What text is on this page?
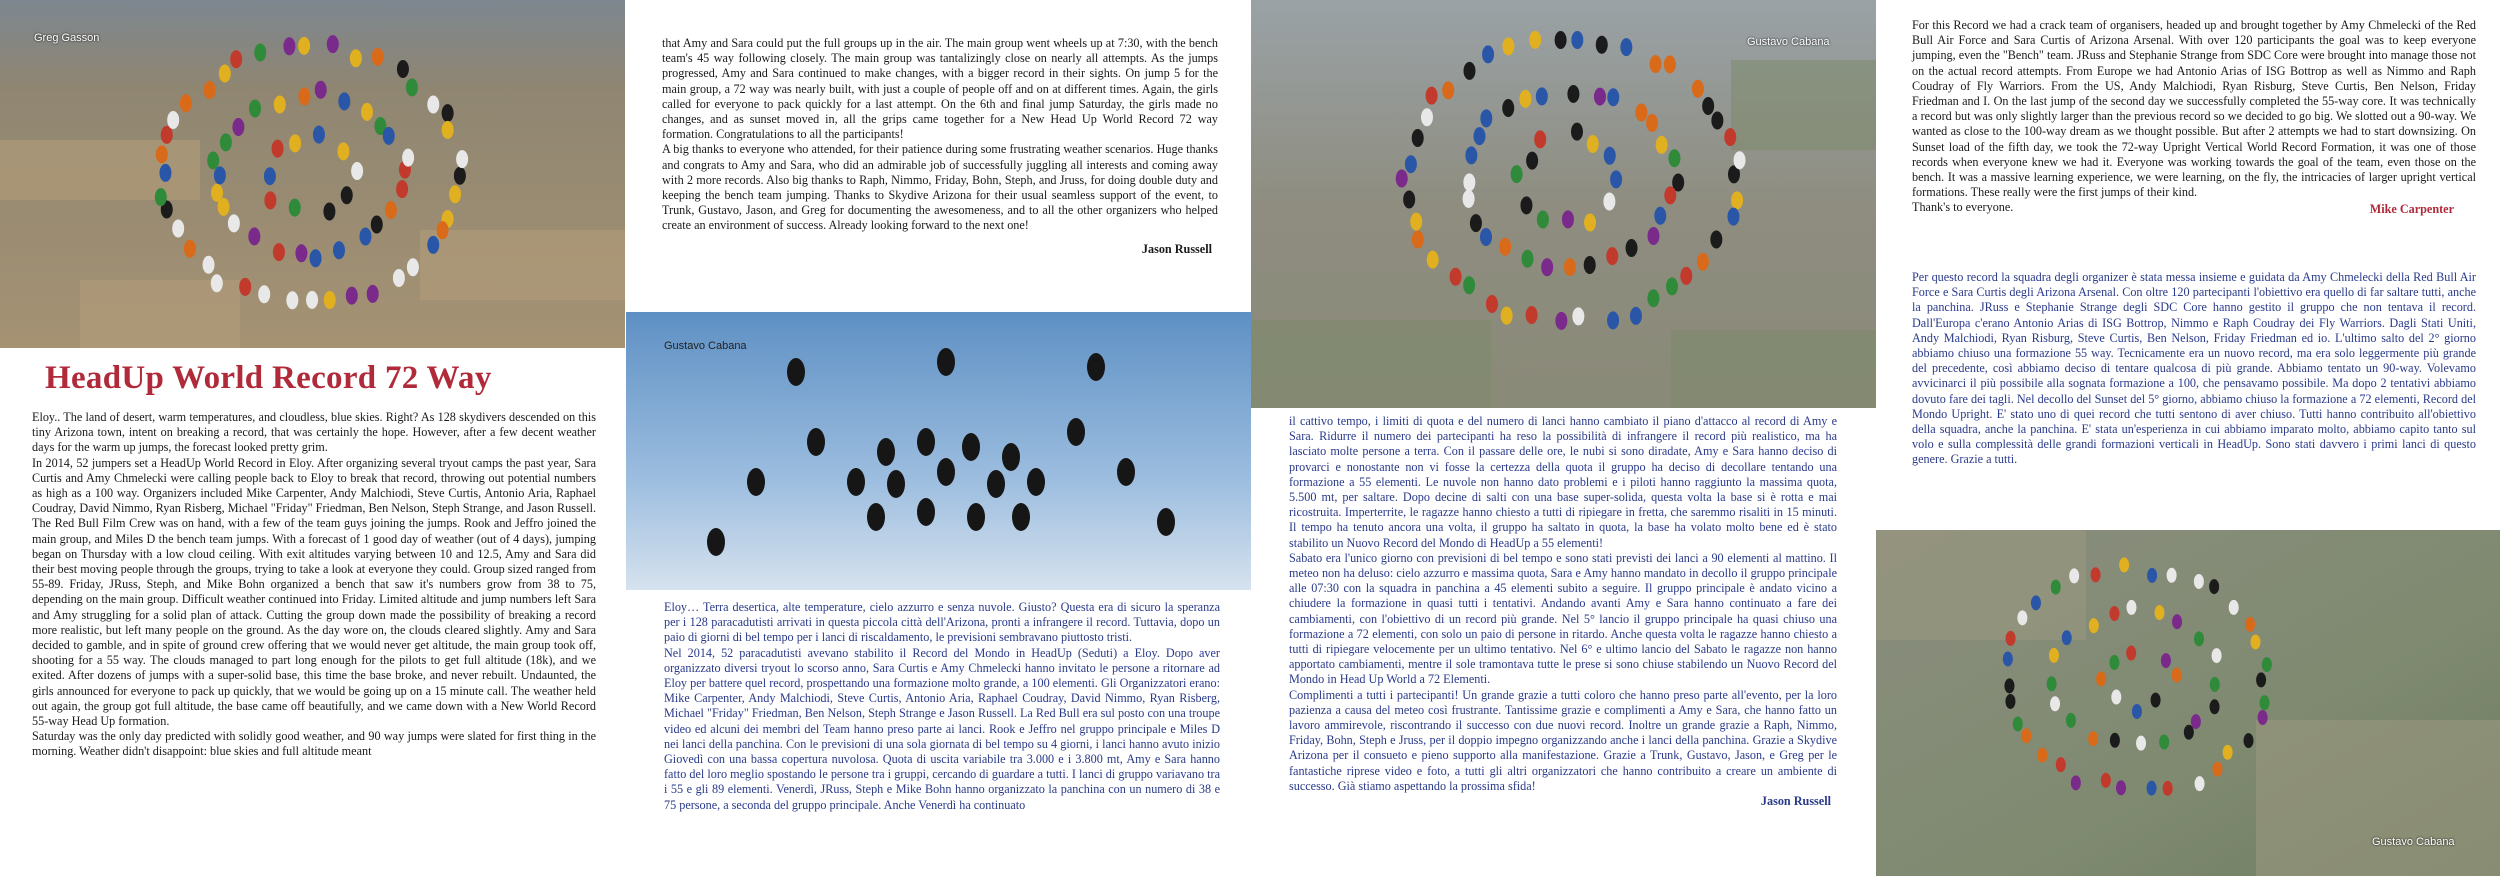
Greg Gasson
HeadUp World Record 72 Way

Eloy.. The land of desert, warm temperatures, and cloudless, blue skies. Right? As 128 skydivers descended on this tiny Arizona town, intent on breaking a record, that was certainly the hope. However, after a few decent weather days for the warm up jumps, the forecast looked pretty grim.

In 2014, 52 jumpers set a HeadUp World Record in Eloy. After organizing several tryout camps the past year, Sara Curtis and Amy Chmelecki were calling people back to Eloy to break that record, throwing out potential numbers as high as a 100 way. Organizers included Mike Carpenter, Andy Malchiodi, Steve Curtis, Antonio Aria, Raphael Coudray, David Nimmo, Ryan Risberg, Michael "Friday" Friedman, Ben Nelson, Steph Strange, and Jason Russell. The Red Bull Film Crew was on hand, with a few of the team guys joining the jumps. Rook and Jeffro joined the main group, and Miles D the bench team jumps. With a forecast of 1 good day of weather (out of 4 days), jumping began on Thursday with a low cloud ceiling. With exit altitudes varying between 10 and 12.5, Amy and Sara did their best moving people through the groups, trying to take a look at everyone they could. Group sized ranged from 55-89. Friday, JRuss, Steph, and Mike Bohn organized a bench that saw it's numbers grow from 38 to 75, depending on the main group. Difficult weather continued into Friday. Limited altitude and jump numbers left Sara and Amy struggling for a solid plan of attack. Cutting the group down made the possibility of breaking a record more realistic, but left many people on the ground. As the day wore on, the clouds cleared slightly. Amy and Sara decided to gamble, and in spite of ground crew offering that we would never get altitude, the main group took off, shooting for a 55 way. The clouds managed to part long enough for the pilots to get full altitude (18k), and we exited. After dozens of jumps with a super-solid base, this time the base broke, and never rebuilt. Undaunted, the girls announced for everyone to pack up quickly, that we would be going up on a 15 minute call. The weather held out again, the group got full altitude, the base came off beautifully, and we came down with a New World Record 55-way Head Up formation.

Saturday was the only day predicted with solidly good weather, and 90 way jumps were slated for first thing in the morning. Weather didn't disappoint: blue skies and full altitude meant

that Amy and Sara could put the full groups up in the air. The main group went wheels up at 7:30, with the bench team's 45 way following closely. The main group was tantalizingly close on nearly all attempts. As the jumps progressed, Amy and Sara continued to make changes, with a bigger record in their sights. On jump 5 for the main group, a 72 way was nearly built, with just a couple of people off and on at different times. Again, the girls called for everyone to pack quickly for a last attempt. On the 6th and final jump Saturday, the girls made no changes, and as sunset moved in, all the grips came together for a New Head Up World Record 72 way formation. Congratulations to all the participants!

A big thanks to everyone who attended, for their patience during some frustrating weather scenarios. Huge thanks and congrats to Amy and Sara, who did an admirable job of successfully juggling all interests and coming away with 2 more records. Also big thanks to Raph, Nimmo, Friday, Bohn, Steph, and Jruss, for doing double duty and keeping the bench team jumping. Thanks to Skydive Arizona for their usual seamless support of the event, to Trunk, Gustavo, Jason, and Greg for documenting the awesomeness, and to all the other organizers who helped create an environment of success. Already looking forward to the next one!

Jason Russell
Gustavo Cabana

Eloy… Terra desertica, alte temperature, cielo azzurro e senza nuvole. Giusto? Questa era di sicuro la speranza per i 128 paracadutisti arrivati in questa piccola città dell'Arizona, pronti a infrangere il record. Tuttavia, dopo un paio di giorni di bel tempo per i lanci di riscaldamento, le previsioni sembravano piuttosto tristi.

Nel 2014, 52 paracadutisti avevano stabilito il Record del Mondo in HeadUp (Seduti) a Eloy. Dopo aver organizzato diversi tryout lo scorso anno, Sara Curtis e Amy Chmelecki hanno invitato le persone a ritornare ad Eloy per battere quel record, prospettando una formazione molto grande, a 100 elementi. Gli Organizzatori erano: Mike Carpenter, Andy Malchiodi, Steve Curtis, Antonio Aria, Raphael Coudray, David Nimmo, Ryan Risberg, Michael "Friday" Friedman, Ben Nelson, Steph Strange e Jason Russell. La Red Bull era sul posto con una troupe video ed alcuni dei membri del Team hanno preso parte ai lanci. Rook e Jeffro nel gruppo principale e Miles D nei lanci della panchina. Con le previsioni di una sola giornata di bel tempo su 4 giorni, i lanci hanno avuto inizio Giovedì con una bassa copertura nuvolosa. Quota di uscita variabile tra 3.000 e i 3.800 mt, Amy e Sara hanno fatto del loro meglio spostando le persone tra i gruppi, cercando di guardare a tutti. I lanci di gruppo variavano tra i 55 e gli 89 elementi. Venerdì, JRuss, Steph e Mike Bohn hanno organizzato la panchina con un numero di 38 e 75 persone, a seconda del gruppo principale. Anche Venerdì ha continuato

Gustavo Cabana

il cattivo tempo, i limiti di quota e del numero di lanci hanno cambiato il piano d'attacco al record di Amy e Sara. Ridurre il numero dei partecipanti ha reso la possibilità di infrangere il record più realistico, ma ha lasciato molte persone a terra. Con il passare delle ore, le nubi si sono diradate, Amy e Sara hanno deciso di provarci e nonostante non vi fosse la certezza della quota il gruppo ha deciso di decollare tentando una formazione a 55 elementi. Le nuvole non hanno dato problemi e i piloti hanno raggiunto la massima quota, 5.500 mt, per saltare. Dopo decine di salti con una base super-solida, questa volta la base si è rotta e mai ricostruita. Imperterrite, le ragazze hanno chiesto a tutti di ripiegare in fretta, che saremmo risaliti in 15 minuti. Il tempo ha tenuto ancora una volta, il gruppo ha saltato in quota, la base ha volato molto bene ed è stato stabilito un Nuovo Record del Mondo di HeadUp a 55 elementi!

Sabato era l'unico giorno con previsioni di bel tempo e sono stati previsti dei lanci a 90 elementi al mattino. Il meteo non ha deluso: cielo azzurro e massima quota, Sara e Amy hanno mandato in decollo il gruppo principale alle 07:30 con la squadra in panchina a 45 elementi subito a seguire. Il gruppo principale è andato vicino a chiudere la formazione in quasi tutti i tentativi. Andando avanti Amy e Sara hanno continuato a fare dei cambiamenti, con l'obiettivo di un record più grande. Nel 5° lancio il gruppo principale ha quasi chiuso una formazione a 72 elementi, con solo un paio di persone in ritardo. Anche questa volta le ragazze hanno chiesto a tutti di ripiegare velocemente per un ultimo tentativo. Nel 6° e ultimo lancio del Sabato le ragazze non hanno apportato cambiamenti, mentre il sole tramontava tutte le prese si sono chiuse stabilendo un Nuovo Record del Mondo in Head Up World a 72 Elementi.

Complimenti a tutti i partecipanti! Un grande grazie a tutti coloro che hanno preso parte all'evento, per la loro pazienza a causa del meteo così frustrante. Tantissime grazie e complimenti a Amy e Sara, che hanno fatto un lavoro ammirevole, riscontrando il successo con due nuovi record. Inoltre un grande grazie a Raph, Nimmo, Friday, Bohn, Steph e Jruss, per il doppio impegno organizzando anche i lanci della panchina. Grazie a Skydive Arizona per il consueto e pieno supporto alla manifestazione. Grazie a Trunk, Gustavo, Jason, e Greg per le fantastiche riprese video e foto, a tutti gli altri organizzatori che hanno contribuito a creare un ambiente di successo. Già stiamo aspettando la prossima sfida!

Jason Russell

For this Record we had a crack team of organisers, headed up and brought together by Amy Chmelecki of the Red Bull Air Force and Sara Curtis of Arizona Arsenal. With over 120 participants the goal was to keep everyone jumping, even the "Bench" team. JRuss and Stephanie Strange from SDC Core were brought into manage those not on the actual record attempts. From Europe we had Antonio Arias of ISG Bottrop as well as Nimmo and Raph Coudray of Fly Warriors. From the US, Andy Malchiodi, Ryan Risburg, Steve Curtis, Ben Nelson, Friday Friedman and I. On the last jump of the second day we successfully completed the 55-way core. It was technically a record but was only slightly larger than the previous record so we decided to go big. We slotted out a 90-way. We wanted as close to the 100-way dream as we thought possible. But after 2 attempts we had to start downsizing. On Sunset load of the fifth day, we took the 72-way Upright Vertical World Record Formation, it was one of those records when everyone knew we had it. Everyone was working towards the goal of the team, even those on the bench. It was a massive learning experience, we were learning, on the fly, the intricacies of larger upright vertical formations. These really were the first jumps of their kind.

Thank's to everyone.	Mike Carpenter

Per questo record la squadra degli organizer è stata messa insieme e guidata da Amy Chmelecki della Red Bull Air Force e Sara Curtis degli Arizona Arsenal. Con oltre 120 partecipanti l'obiettivo era quello di far saltare tutti, anche la panchina. JRuss e Stephanie Strange degli SDC Core hanno gestito il gruppo che non tentava il record. Dall'Europa c'erano Antonio Arias di ISG Bottrop, Nimmo e Raph Coudray dei Fly Warriors. Dagli Stati Uniti, Andy Malchiodi, Ryan Risburg, Steve Curtis, Ben Nelson, Friday Friedman ed io. L'ultimo salto del 2° giorno abbiamo chiuso una formazione 55 way. Tecnicamente era un nuovo record, ma era solo leggermente più grande del precedente, così abbiamo deciso di tentare qualcosa di più grande. Abbiamo tentato un 90-way. Volevamo avvicinarci il più possibile alla sognata formazione a 100, che pensavamo possibile. Ma dopo 2 tentativi abbiamo dovuto fare dei tagli. Nel decollo del Sunset del 5° giorno, abbiamo chiuso la formazione a 72 elementi, Record del Mondo Upright. E' stato uno di quei record che tutti sentono di aver chiuso. Tutti hanno contribuito all'obiettivo della squadra, anche la panchina. E' stata un'esperienza in cui abbiamo imparato molto, abbiamo capito tanto sul volo e sulla complessità delle grandi formazioni verticali in HeadUp. Sono stati davvero i primi lanci di questo genere. Grazie a tutti.

Gustavo Cabana
